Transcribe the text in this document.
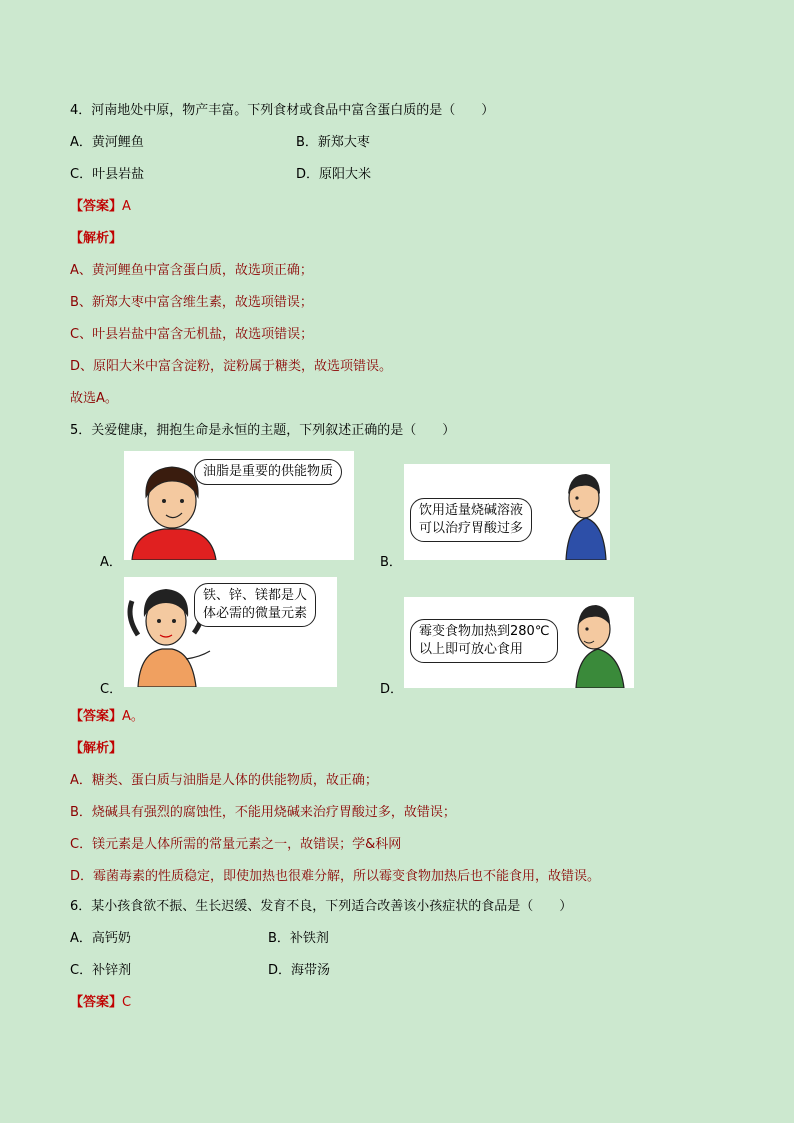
4．河南地处中原，物产丰富。下列食材或食品中富含蛋白质的是（　　）
A．黄河鲤鱼	B．新郑大枣
C．叶县岩盐	D．原阳大米
【答案】A
【解析】
A、黄河鲤鱼中富含蛋白质，故选项正确；
B、新郑大枣中富含维生素，故选项错误；
C、叶县岩盐中富含无机盐，故选项错误；
D、原阳大米中富含淀粉，淀粉属于糖类，故选项错误。
故选A。
5．关爱健康，拥抱生命是永恒的主题，下列叙述正确的是（　　）
A．
油脂是重要的供能物质
B．
饮用适量烧碱溶液
可以治疗胃酸过多
C．
铁、锌、镁都是人
体必需的微量元素
D．
霉变食物加热到280℃
以上即可放心食用
【答案】A。
【解析】
A．糖类、蛋白质与油脂是人体的供能物质，故正确；
B．烧碱具有强烈的腐蚀性，不能用烧碱来治疗胃酸过多，故错误；
C．镁元素是人体所需的常量元素之一，故错误；学&科网
D．霉菌毒素的性质稳定，即使加热也很难分解，所以霉变食物加热后也不能食用，故错误。
6．某小孩食欲不振、生长迟缓、发育不良，下列适合改善该小孩症状的食品是（　　）
A．高钙奶	B．补铁剂
C．补锌剂	D．海带汤
【答案】C
